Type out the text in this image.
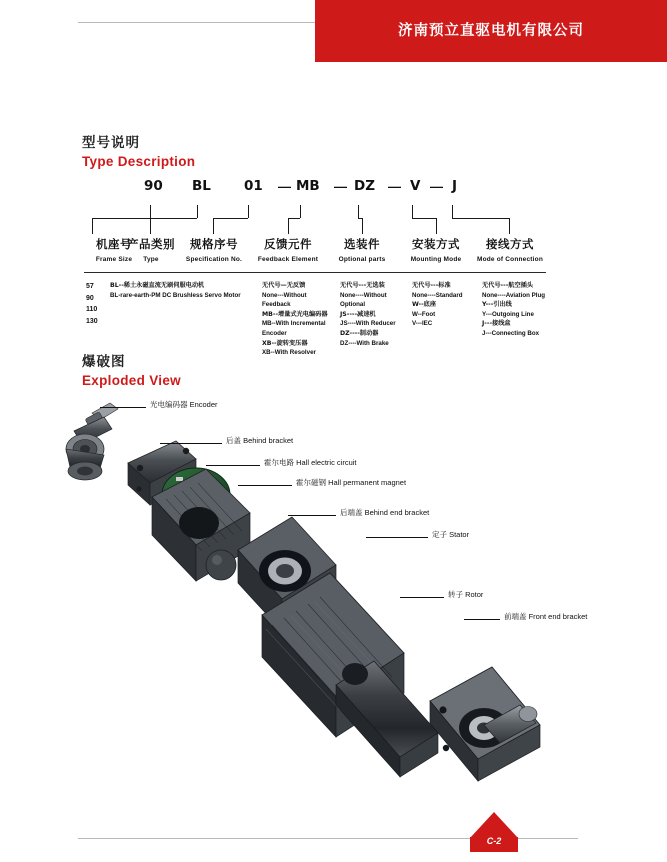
济南预立直驱电机有限公司
型号说明
Type Description
90 BL 01 — MB — DZ — V — J
机座号
Frame Size
产品类别
Type
规格序号
Specification No.
反馈元件
Feedback Element
选装件
Optional parts
安装方式
Mounting Mode
接线方式
Mode of Connection
57
90
110
130
BL--稀土永磁直流无刷伺服电动机
BL-rare-earth-PM DC Brushless Servo Motor
无代号—无反馈
None---Without Feedback
MB--增量式光电编码器
MB--With Incremental Encoder
XB--旋转变压器
XB--With Resolver
无代号---无选装
None----Without Optional
JS----减速机
JS----With Reducer
DZ----制动器
DZ----With Brake
无代号---标准
None----Standard
W--底座
W--Foot
V---IEC
无代号---航空插头
None----Aviation Plug
Y---引出线
Y---Outgoing Line
J---接线盒
J---Connecting Box
爆破图
Exploded View
光电编码器 Encoder
后盖 Behind bracket
霍尔电路 Hall electric circuit
霍尔磁钢 Hall permanent magnet
后端盖 Behind end bracket
定子 Stator
转子 Rotor
前端盖 Front end bracket
C-2
